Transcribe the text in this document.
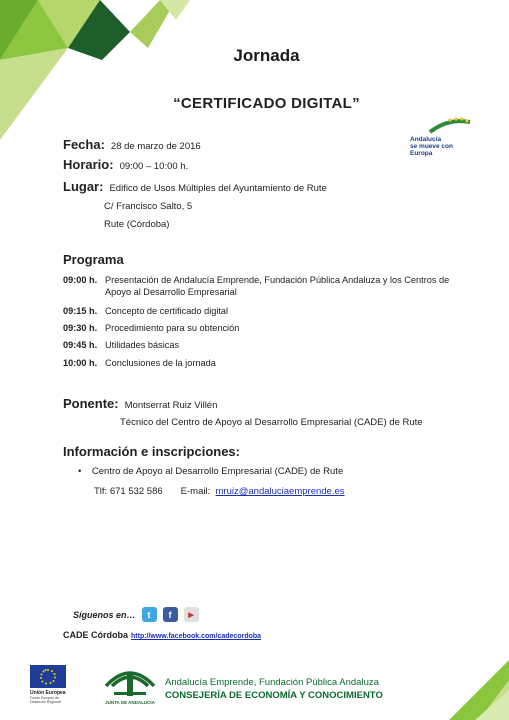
Jornada
“CERTIFICADO DIGITAL”
Andalucía
se mueve con Europa
Fecha: 28 de marzo de 2016
Horario: 09:00 – 10:00 h.
Lugar: Edifico de Usos Múltiples del Ayuntamiento de Rute
C/ Francisco Salto, 5
Rute (Córdoba)
Programa
09:00 h. Presentación de Andalucía Emprende, Fundación Pública Andaluza y los Centros de Apoyo al Desarrollo Empresarial
09:15 h. Concepto de certificado digital
09:30 h. Procedimiento para su obtención
09:45 h. Utilidades básicas
10:00 h. Conclusiones de la jornada
Ponente: Montserrat Ruiz Villén
Técnico del Centro de Apoyo al Desarrollo Empresarial (CADE) de Rute
Información e inscripciones:
•    Centro de Apoyo al Desarrollo Empresarial (CADE) de Rute
Tlf: 671 532 586 E-mail: mruiz@andaluciaemprende.es
Síguenos en…	t	f	▶
CADE Córdoba http://www.facebook.com/cadecordoba
Unión Europea
Fondo Europeo de Desarrollo Regional	JUNTA DE ANDALUCIA
Andalucía Emprende, Fundación Pública Andaluza
CONSEJERÍA DE ECONOMÍA Y CONOCIMIENTO
